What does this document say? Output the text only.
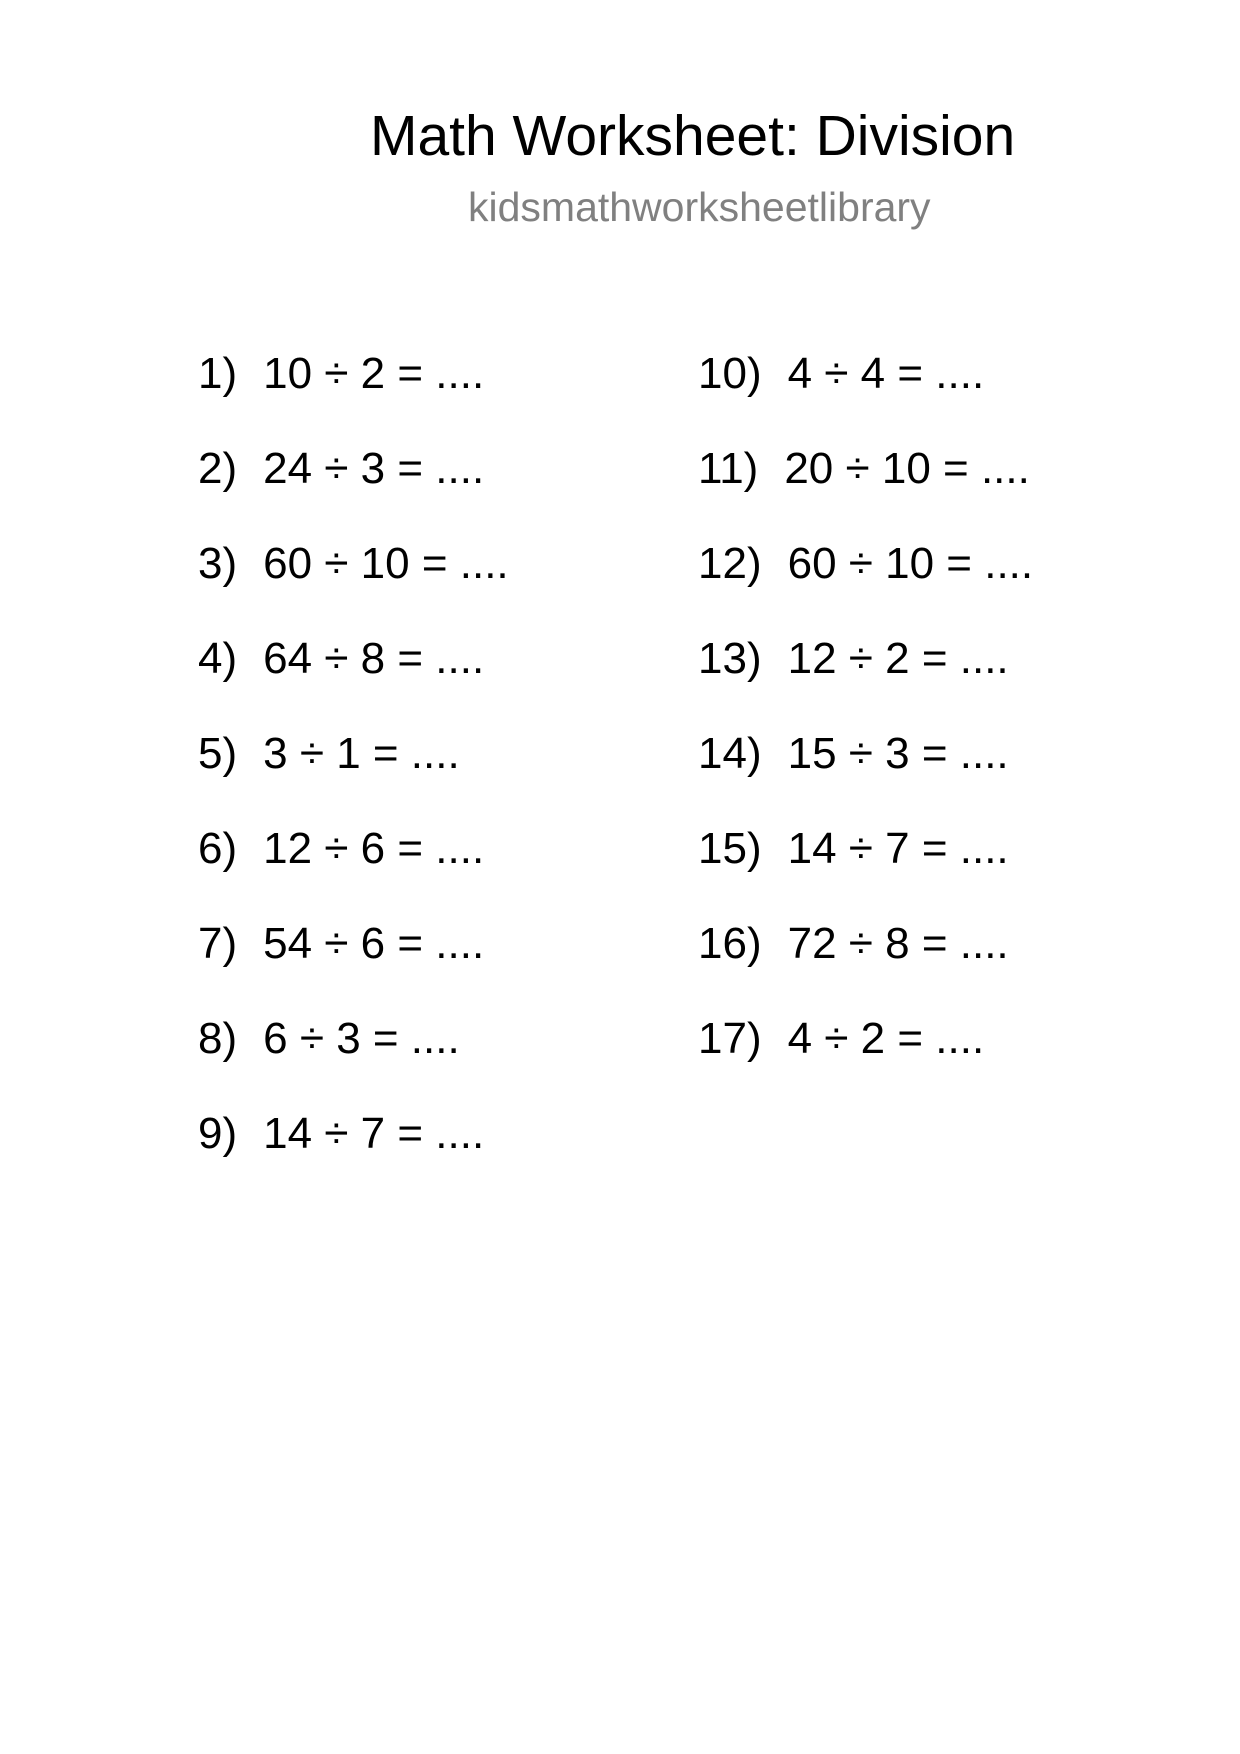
Math Worksheet: Division
kidsmathworksheetlibrary
1) 10 ÷ 2 = ....
2) 24 ÷ 3 = ....
3) 60 ÷ 10 = ....
4) 64 ÷ 8 = ....
5) 3 ÷ 1 = ....
6) 12 ÷ 6 = ....
7) 54 ÷ 6 = ....
8) 6 ÷ 3 = ....
9) 14 ÷ 7 = ....
10) 4 ÷ 4 = ....
11) 20 ÷ 10 = ....
12) 60 ÷ 10 = ....
13) 12 ÷ 2 = ....
14) 15 ÷ 3 = ....
15) 14 ÷ 7 = ....
16) 72 ÷ 8 = ....
17) 4 ÷ 2 = ....
